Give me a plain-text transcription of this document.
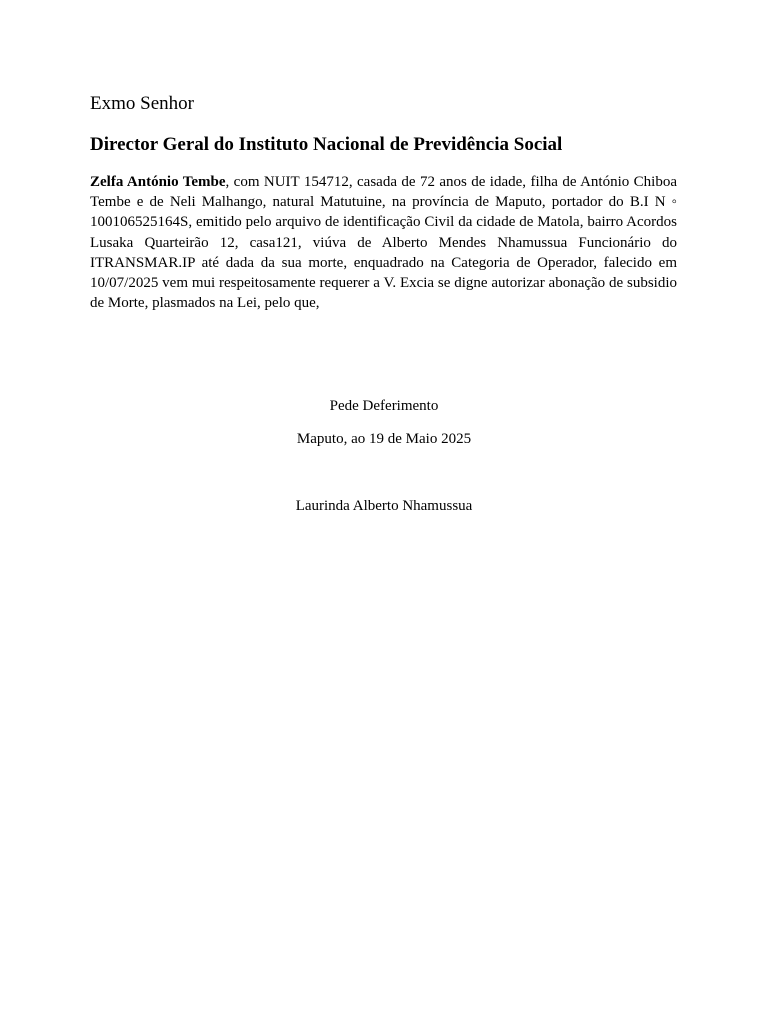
Exmo Senhor
Director Geral do Instituto Nacional de Previdência Social

Zelfa António Tembe, com NUIT 154712, casada de 72 anos de idade, filha de António Chiboa Tembe e de Neli Malhango, natural Matutuine, na província de Maputo, portador do B.I N ◦ 100106525164S, emitido pelo arquivo de identificação Civil da cidade de Matola, bairro Acordos Lusaka Quarteirão 12, casa121, viúva de Alberto Mendes Nhamussua Funcionário do ITRANSMAR.IP até dada da sua morte, enquadrado na Categoria de Operador, falecido em 10/07/2025 vem mui respeitosamente requerer a V. Excia se digne autorizar abonação de subsidio de Morte, plasmados na Lei, pelo que,

Pede Deferimento
Maputo, ao 19 de Maio 2025
Laurinda Alberto Nhamussua
